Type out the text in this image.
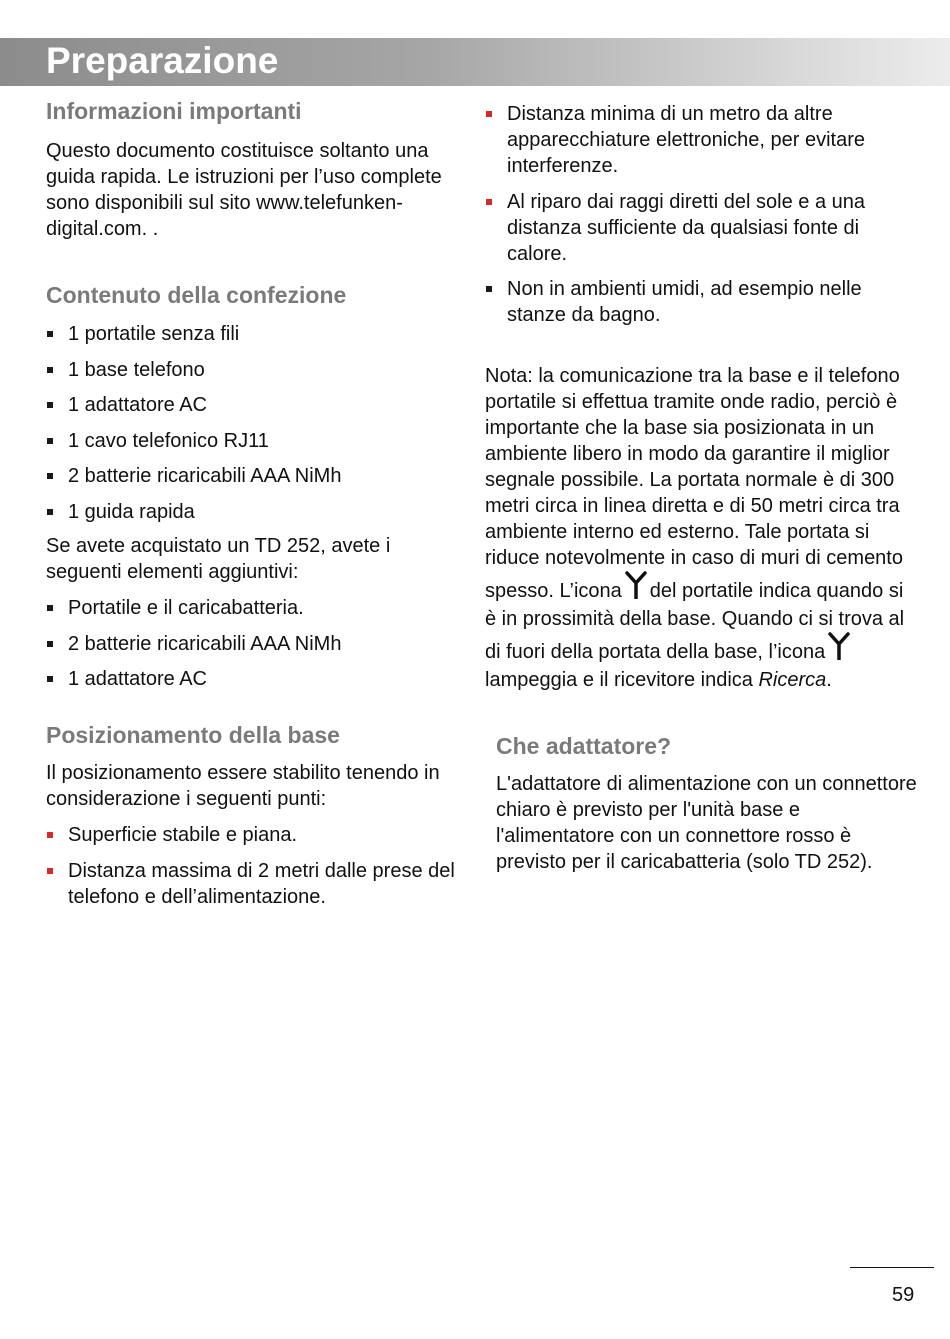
Preparazione
Informazioni importanti

Questo documento costituisce soltanto una guida rapida. Le istruzioni per l’uso complete sono disponibili sul sito www.telefunken-digital.com. .

Contenuto della confezione
1 portatile senza fili
1 base telefono
1 adattatore AC
1 cavo telefonico RJ11
2 batterie ricaricabili AAA NiMh
1 guida rapida

Se avete acquistato un TD 252, avete i seguenti elementi aggiuntivi:

Portatile e il caricabatteria.
2 batterie ricaricabili AAA NiMh
1 adattatore AC
Posizionamento della base

Il posizionamento essere stabilito tenendo in considerazione i seguenti punti:

Superficie stabile e piana.
Distanza massima di 2 metri dalle prese del telefono e dell’alimentazione.
Distanza minima di un metro da altre apparecchiature elettroniche, per evitare interferenze.
Al riparo dai raggi diretti del sole e a una distanza sufficiente da qualsiasi fonte di calore.
Non in ambienti umidi, ad esempio nelle stanze da bagno.

Nota: la comunicazione tra la base e il telefono portatile si effettua tramite onde radio, perciò è importante che la base sia posizionata in un ambiente libero in modo da garantire il miglior segnale possibile. La portata normale è di 300 metri circa in linea diretta e di 50 metri circa tra ambiente interno ed esterno. Tale portata si riduce notevolmente in caso di muri di cemento spesso. L’icona del portatile indica quando si è in prossimità della base. Quando ci si trova al di fuori della portata della base, l’iconalampeggia e il ricevitore indica Ricerca.

Che adattatore?

L'adattatore di alimentazione con un connettore chiaro è previsto per l'unità base e l'alimentatore con un connettore rosso è previsto per il caricabatteria (solo TD 252).

59
